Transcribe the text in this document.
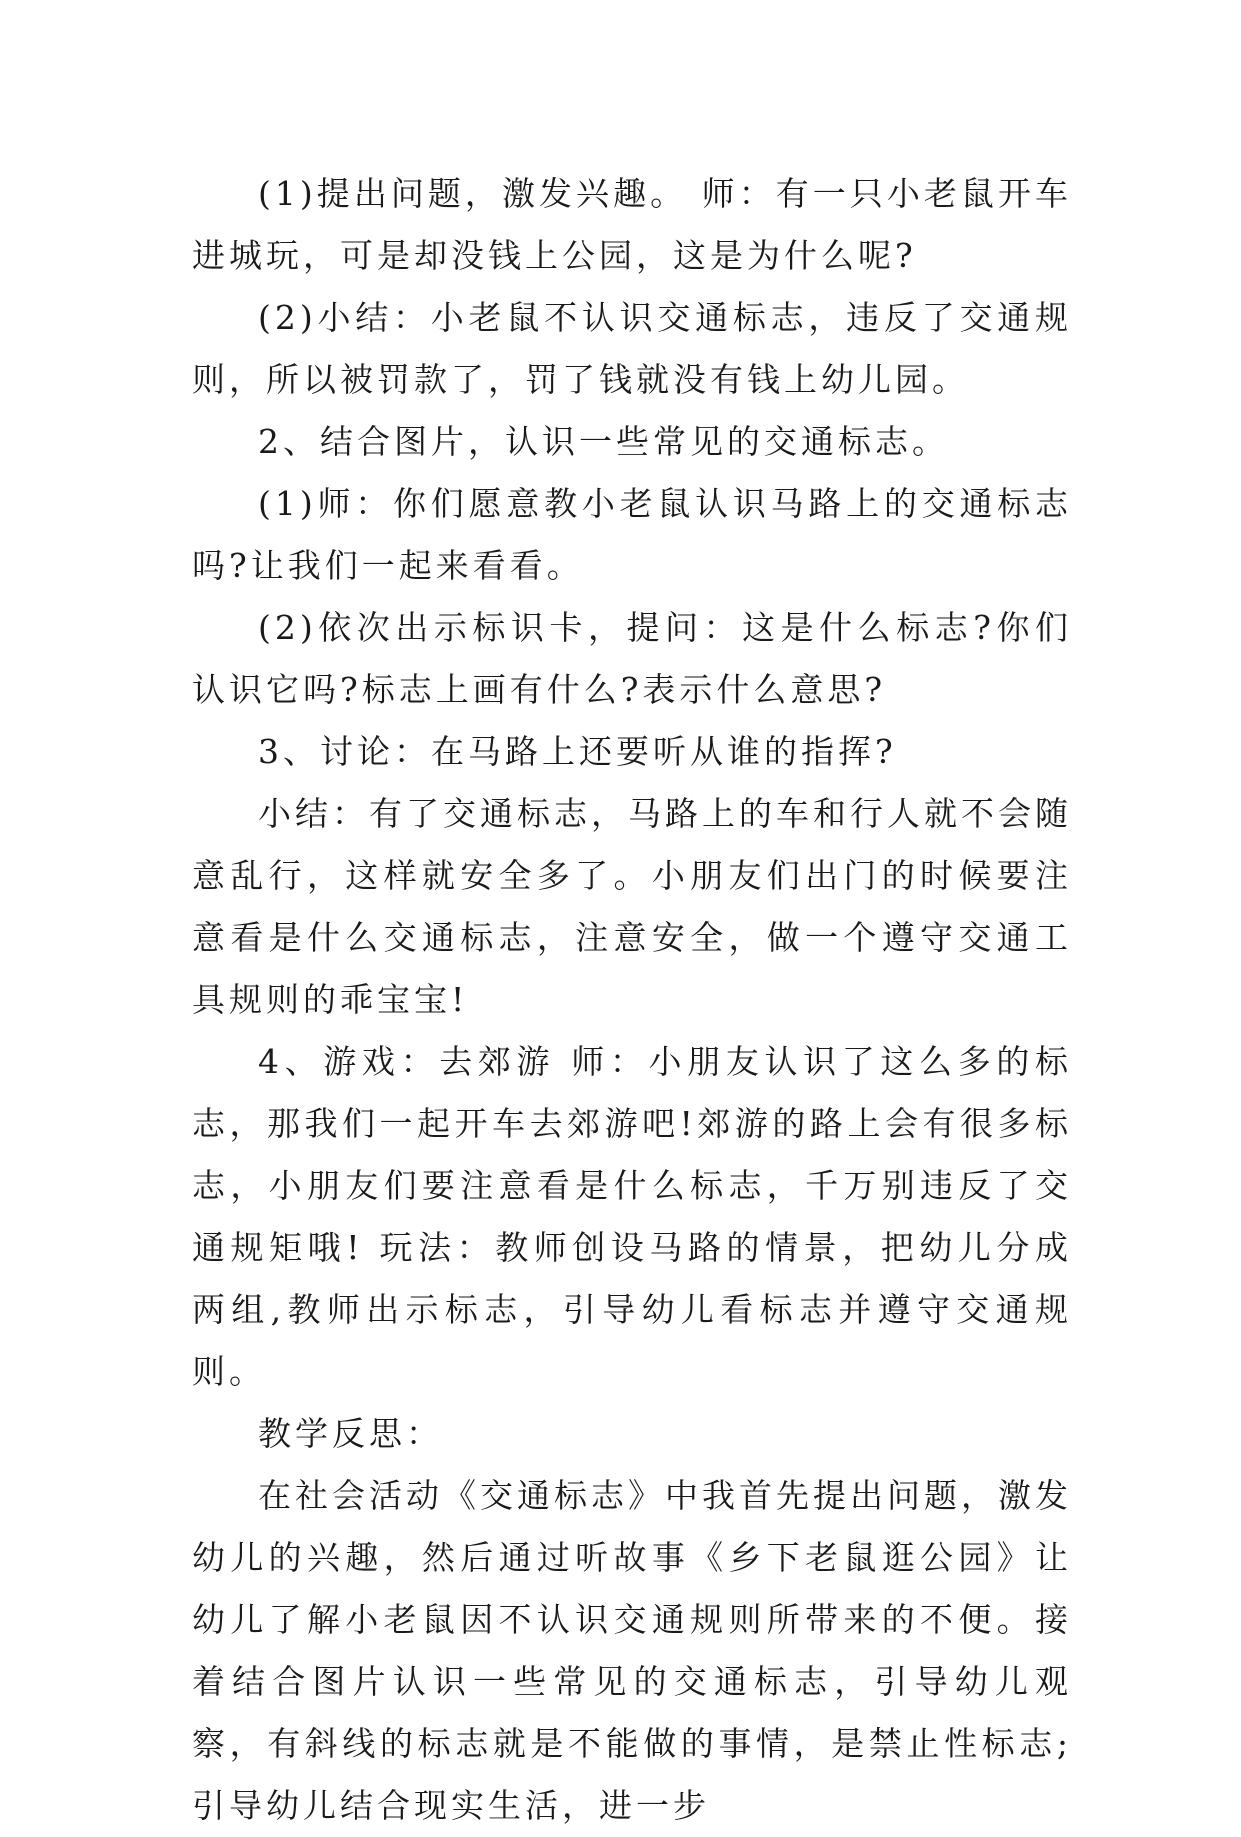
(1)提出问题，激发兴趣。 师：有一只小老鼠开车进城玩，可是却没钱上公园，这是为什么呢?

(2)小结：小老鼠不认识交通标志，违反了交通规则，所以被罚款了，罚了钱就没有钱上幼儿园。

2、结合图片，认识一些常见的交通标志。

(1)师：你们愿意教小老鼠认识马路上的交通标志吗?让我们一起来看看。

(2)依次出示标识卡，提问：这是什么标志?你们认识它吗?标志上画有什么?表示什么意思?

3、讨论：在马路上还要听从谁的指挥?

小结：有了交通标志，马路上的车和行人就不会随意乱行，这样就安全多了。小朋友们出门的时候要注意看是什么交通标志，注意安全，做一个遵守交通工具规则的乖宝宝!

4、游戏：去郊游 师：小朋友认识了这么多的标志，那我们一起开车去郊游吧!郊游的路上会有很多标志，小朋友们要注意看是什么标志，千万别违反了交通规矩哦! 玩法：教师创设马路的情景，把幼儿分成两组,教师出示标志，引导幼儿看标志并遵守交通规则。

教学反思：

在社会活动《交通标志》中我首先提出问题，激发幼儿的兴趣，然后通过听故事《乡下老鼠逛公园》让幼儿了解小老鼠因不认识交通规则所带来的不便。接着结合图片认识一些常见的交通标志，引导幼儿观察，有斜线的标志就是不能做的事情，是禁止性标志;引导幼儿结合现实生活，进一步
